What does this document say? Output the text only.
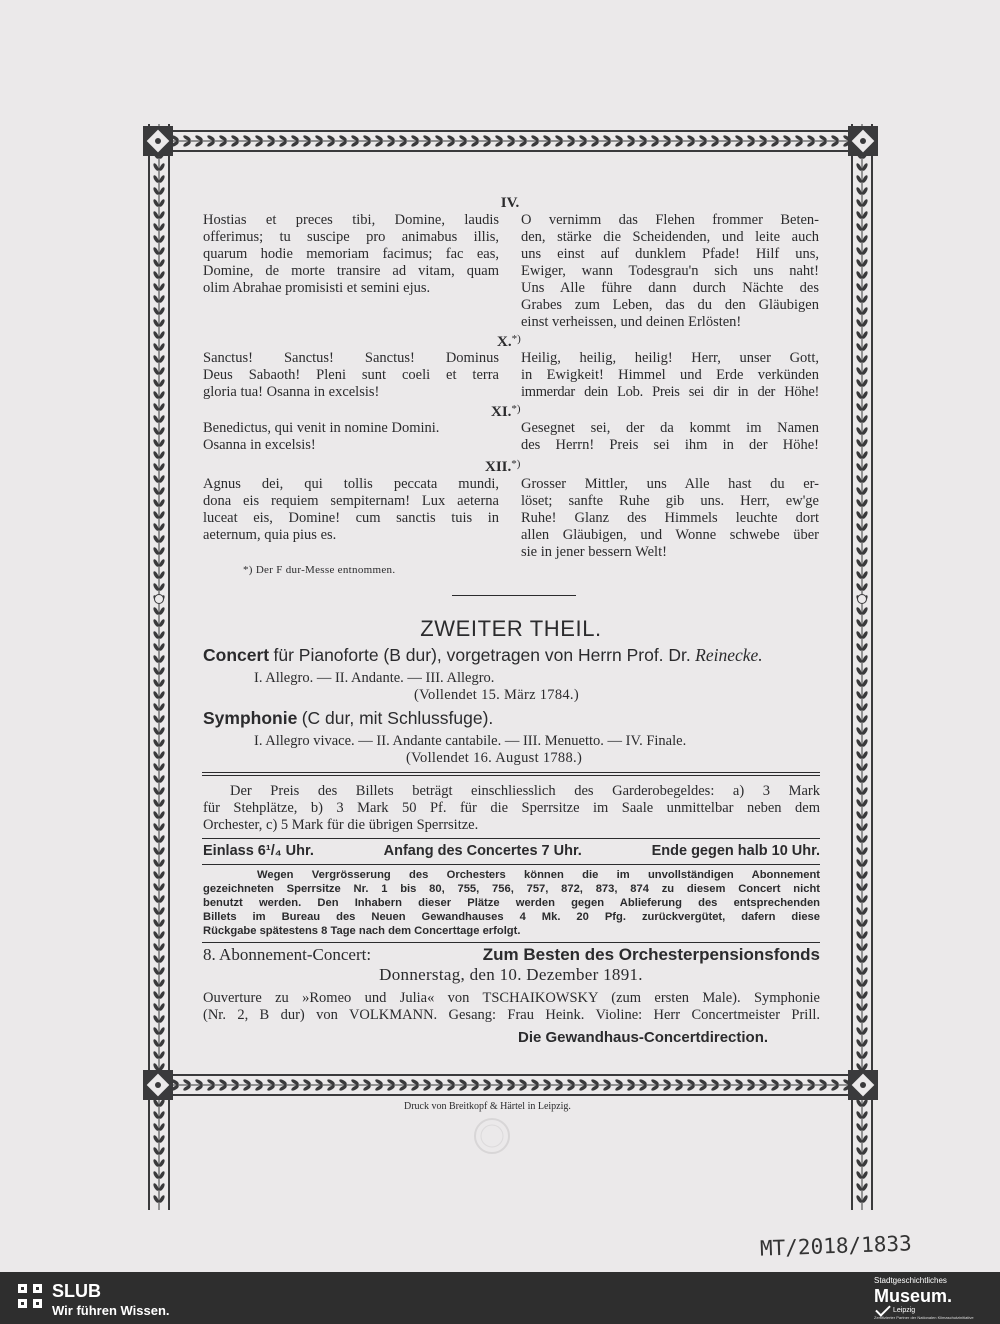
IV.
Hostias et preces tibi, Domine, laudis
offerimus; tu suscipe pro animabus illis,
quarum hodie memoriam facimus; fac eas,
Domine, de morte transire ad vitam, quam
olim Abrahae promisisti et semini ejus.
O vernimm das Flehen frommer Beten-
den, stärke die Scheidenden, und leite auch
uns einst auf dunklem Pfade! Hilf uns,
Ewiger, wann Todesgrau'n sich uns naht!
Uns Alle führe dann durch Nächte des
Grabes zum Leben, das du den Gläubigen
einst verheissen, und deinen Erlösten!
X.*)
Sanctus! Sanctus! Sanctus! Dominus
Deus Sabaoth! Pleni sunt coeli et terra
gloria tua! Osanna in excelsis!
Heilig, heilig, heilig! Herr, unser Gott,
in Ewigkeit! Himmel und Erde verkünden
immerdar dein Lob. Preis sei dir in der Höhe!
XI.*)
Benedictus, qui venit in nomine Domini.
Osanna in excelsis!
Gesegnet sei, der da kommt im Namen
des Herrn! Preis sei ihm in der Höhe!
XII.*)
Agnus dei, qui tollis peccata mundi,
dona eis requiem sempiternam! Lux aeterna
luceat eis, Domine! cum sanctis tuis in
aeternum, quia pius es.
Grosser Mittler, uns Alle hast du er-
löset; sanfte Ruhe gib uns. Herr, ew'ge
Ruhe! Glanz des Himmels leuchte dort
allen Gläubigen, und Wonne schwebe über
sie in jener bessern Welt!
*) Der F dur-Messe entnommen.
ZWEITER THEIL.
Concert für Pianoforte (B dur), vorgetragen von Herrn Prof. Dr. Reinecke.
I. Allegro. — II. Andante. — III. Allegro.
(Vollendet 15. März 1784.)
Symphonie (C dur, mit Schlussfuge).
I. Allegro vivace. — II. Andante cantabile. — III. Menuetto. — IV. Finale.
(Vollendet 16. August 1788.)
Der Preis des Billets beträgt einschliesslich des Garderobegeldes: a) 3 Mark
für Stehplätze, b) 3 Mark 50 Pf. für die Sperrsitze im Saale unmittelbar neben dem
Orchester, c) 5 Mark für die übrigen Sperrsitze.
Einlass 6¹/₄ Uhr.	Anfang des Concertes 7 Uhr.	Ende gegen halb 10 Uhr.
Wegen Vergrösserung des Orchesters können die im unvollständigen Abonnement
gezeichneten Sperrsitze Nr. 1 bis 80, 755, 756, 757, 872, 873, 874 zu diesem Concert nicht
benutzt werden. Den Inhabern dieser Plätze werden gegen Ablieferung des entsprechenden
Billets im Bureau des Neuen Gewandhauses 4 Mk. 20 Pfg. zurückvergütet, dafern diese
Rückgabe spätestens 8 Tage nach dem Concerttage erfolgt.
8. Abonnement-Concert:	Zum Besten des Orchesterpensionsfonds
Donnerstag, den 10. Dezember 1891.
Ouverture zu »Romeo und Julia« von TSCHAIKOWSKY (zum ersten Male). Symphonie
(Nr. 2, B dur) von VOLKMANN. Gesang: Frau Heink. Violine: Herr Concertmeister Prill.
Die Gewandhaus-Concertdirection.
Druck von Breitkopf & Härtel in Leipzig.
MT/2018/1833
SLUB
Wir führen Wissen.
Stadtgeschichtliches
Museum.
Leipzig
Zertifizierter Partner der Nationalen Klimaschutzinitiative
